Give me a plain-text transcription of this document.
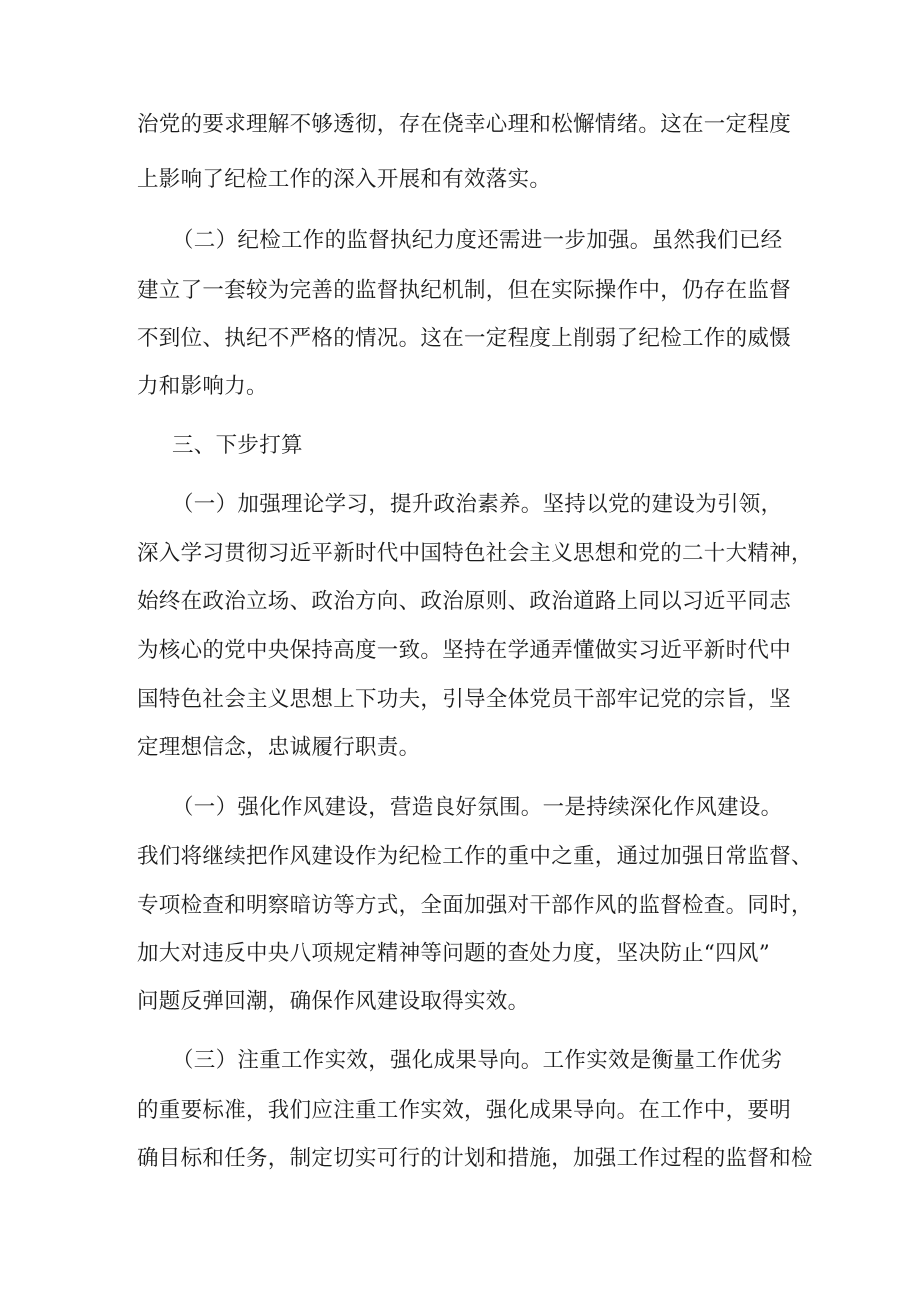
治党的要求理解不够透彻，存在侥幸心理和松懈情绪。这在一定程度

上影响了纪检工作的深入开展和有效落实。

（二）纪检工作的监督执纪力度还需进一步加强。虽然我们已经

建立了一套较为完善的监督执纪机制，但在实际操作中，仍存在监督

不到位、执纪不严格的情况。这在一定程度上削弱了纪检工作的威慑

力和影响力。

三、下步打算

（一）加强理论学习，提升政治素养。坚持以党的建设为引领，

深入学习贯彻习近平新时代中国特色社会主义思想和党的二十大精神，

始终在政治立场、政治方向、政治原则、政治道路上同以习近平同志

为核心的党中央保持高度一致。坚持在学通弄懂做实习近平新时代中

国特色社会主义思想上下功夫，引导全体党员干部牢记党的宗旨，坚

定理想信念，忠诚履行职责。

（一）强化作风建设，营造良好氛围。一是持续深化作风建设。

我们将继续把作风建设作为纪检工作的重中之重，通过加强日常监督、

专项检查和明察暗访等方式，全面加强对干部作风的监督检查。同时，

加大对违反中央八项规定精神等问题的查处力度，坚决防止“四风”

问题反弹回潮，确保作风建设取得实效。

（三）注重工作实效，强化成果导向。工作实效是衡量工作优劣

的重要标准，我们应注重工作实效，强化成果导向。在工作中，要明

确目标和任务，制定切实可行的计划和措施，加强工作过程的监督和检
